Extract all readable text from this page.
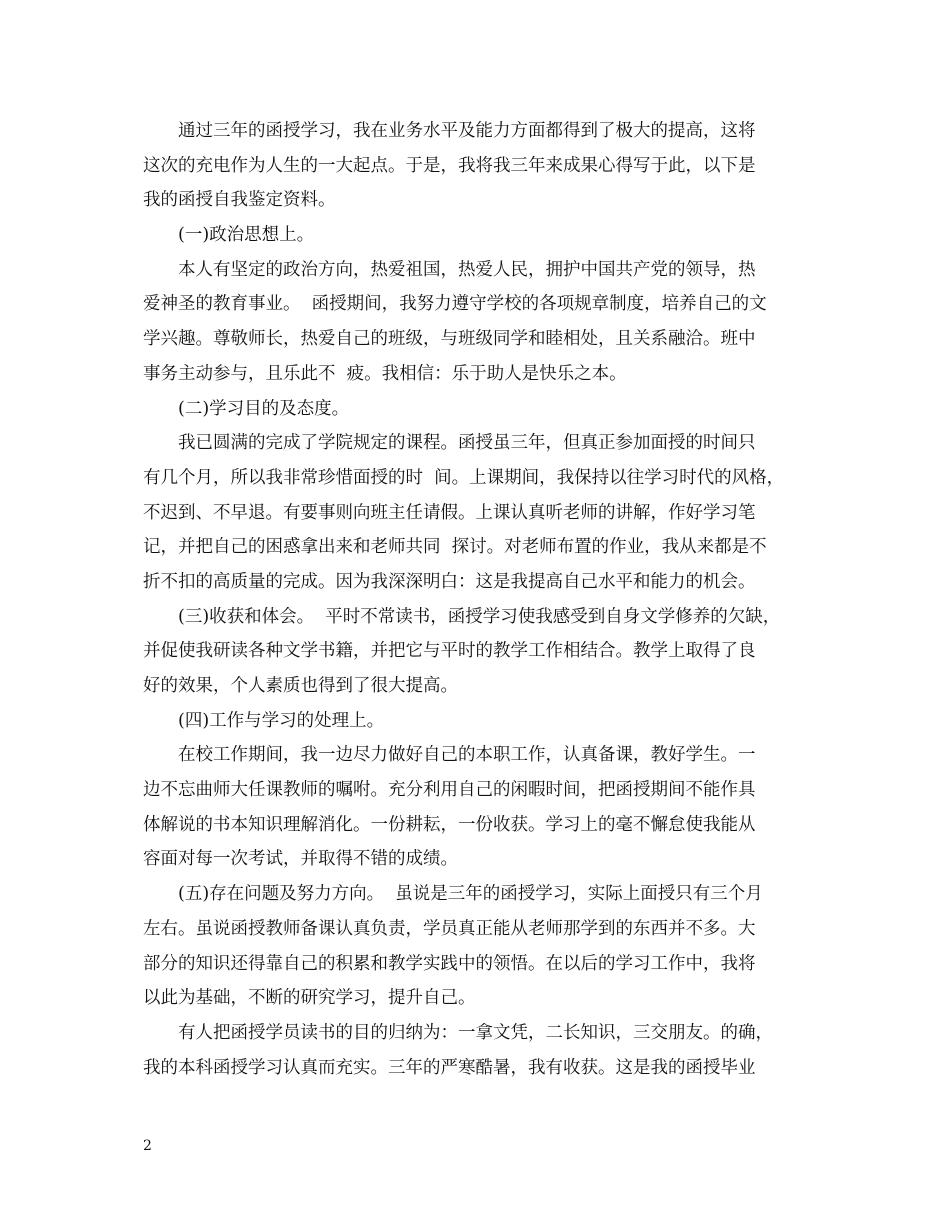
通过三年的函授学习，我在业务水平及能力方面都得到了极大的提高，这将
这次的充电作为人生的一大起点。于是，我将我三年来成果心得写于此，以下是
我的函授自我鉴定资料。
(一)政治思想上。
本人有坚定的政治方向，热爱祖国，热爱人民，拥护中国共产党的领导，热
爱神圣的教育事业。  函授期间，我努力遵守学校的各项规章制度，培养自己的文
学兴趣。尊敬师长，热爱自己的班级，与班级同学和睦相处，且关系融洽。班中
事务主动参与，且乐此不  疲。我相信：乐于助人是快乐之本。
(二)学习目的及态度。
我已圆满的完成了学院规定的课程。函授虽三年，但真正参加面授的时间只
有几个月，所以我非常珍惜面授的时  间。上课期间，我保持以往学习时代的风格，
不迟到、不早退。有要事则向班主任请假。上课认真听老师的讲解，作好学习笔
记，并把自己的困惑拿出来和老师共同  探讨。对老师布置的作业，我从来都是不
折不扣的高质量的完成。因为我深深明白：这是我提高自己水平和能力的机会。
(三)收获和体会。  平时不常读书，函授学习使我感受到自身文学修养的欠缺，
并促使我研读各种文学书籍，并把它与平时的教学工作相结合。教学上取得了良
好的效果，个人素质也得到了很大提高。
(四)工作与学习的处理上。
在校工作期间，我一边尽力做好自己的本职工作，认真备课，教好学生。一
边不忘曲师大任课教师的嘱咐。充分利用自己的闲暇时间，把函授期间不能作具
体解说的书本知识理解消化。一份耕耘，一份收获。学习上的毫不懈怠使我能从
容面对每一次考试，并取得不错的成绩。
(五)存在问题及努力方向。  虽说是三年的函授学习，实际上面授只有三个月
左右。虽说函授教师备课认真负责，学员真正能从老师那学到的东西并不多。大
部分的知识还得靠自己的积累和教学实践中的领悟。在以后的学习工作中，我将
以此为基础，不断的研究学习，提升自己。
有人把函授学员读书的目的归纳为：一拿文凭，二长知识，三交朋友。的确，
我的本科函授学习认真而充实。三年的严寒酷暑，我有收获。这是我的函授毕业
2
